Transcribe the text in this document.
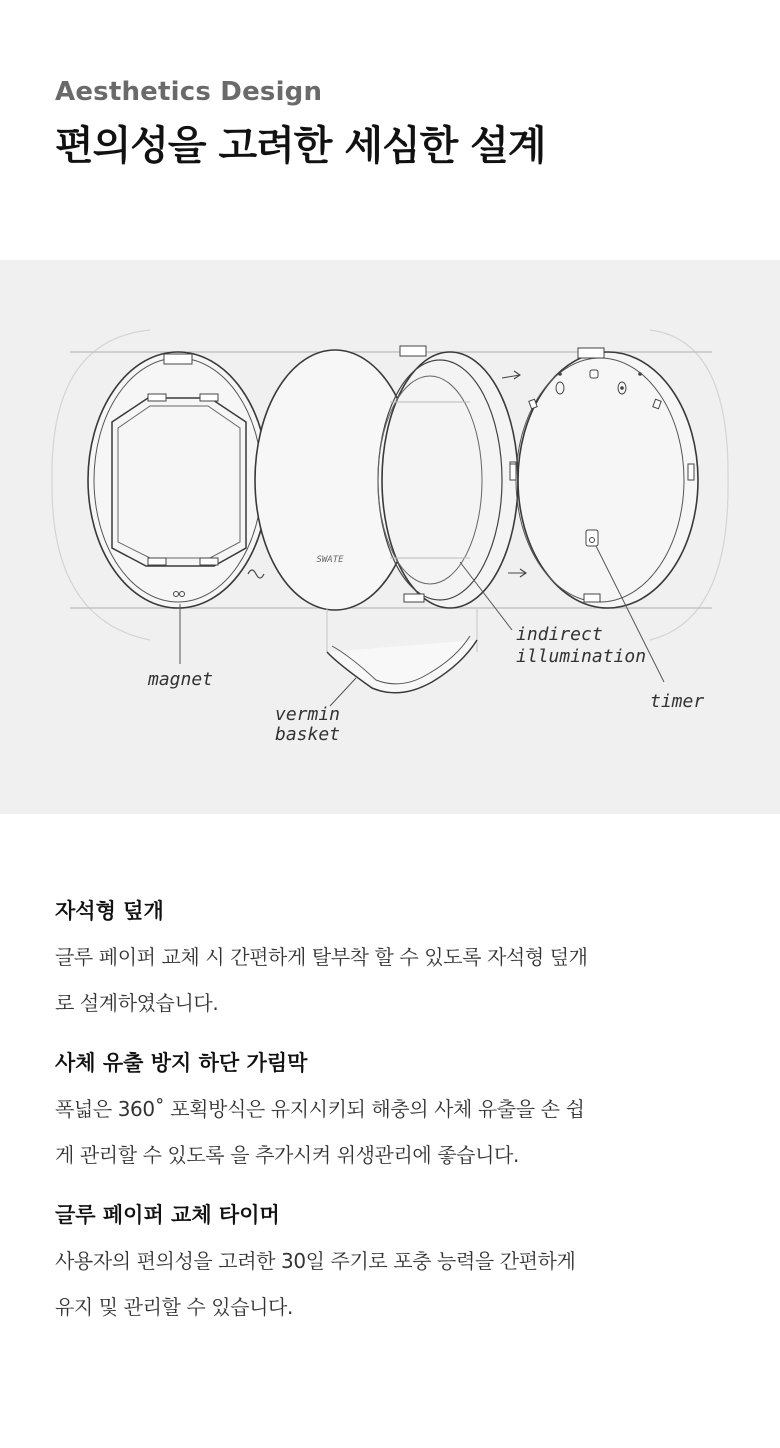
Aesthetics Design

편의성을 고려한 세심한 설계
SWATE
magnet
vermin
basket
indirect
illumination
timer
자석형 덮개

글루 페이퍼 교체 시 간편하게 탈부착 할 수 있도록 자석형 덮개
로 설계하였습니다.

사체 유출 방지 하단 가림막

폭넓은 360˚ 포획방식은 유지시키되 해충의 사체 유출을 손 쉽
게 관리할 수 있도록 을 추가시켜 위생관리에 좋습니다.

글루 페이퍼 교체 타이머

사용자의 편의성을 고려한 30일 주기로 포충 능력을 간편하게
유지 및 관리할 수 있습니다.
